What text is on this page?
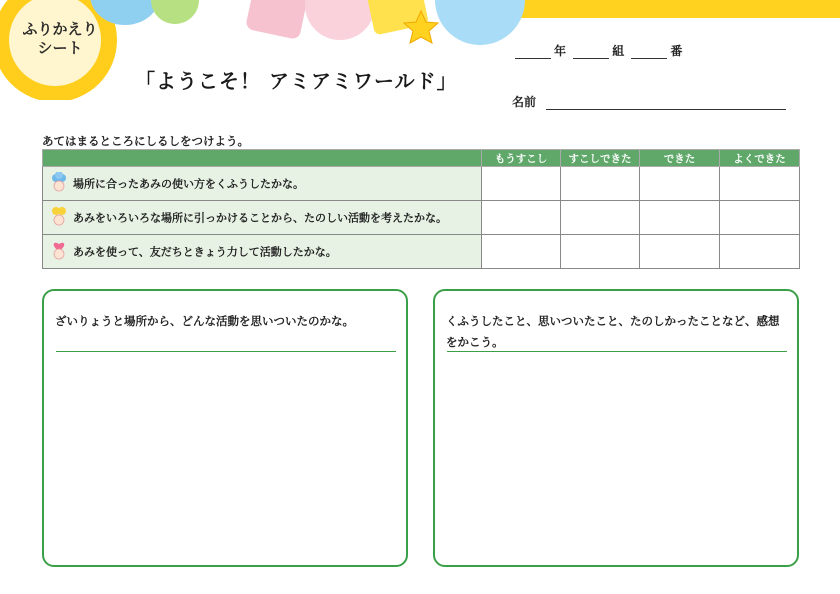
ふりかえり
シート
「ようこそ！ アミアミワールド」
年	組	番
名前
あてはまるところにしるしをつけよう。
	もうすこし	すこしできた	できた	よくできた
場所に合ったあみの使い方をくふうしたかな。				
あみをいろいろな場所に引っかけることから、たのしい活動を考えたかな。				
あみを使って、友だちときょう力して活動したかな。				
ざいりょうと場所から、どんな活動を思いついたのかな。	くふうしたこと、思いついたこと、たのしかったことなど、感想をかこう。
